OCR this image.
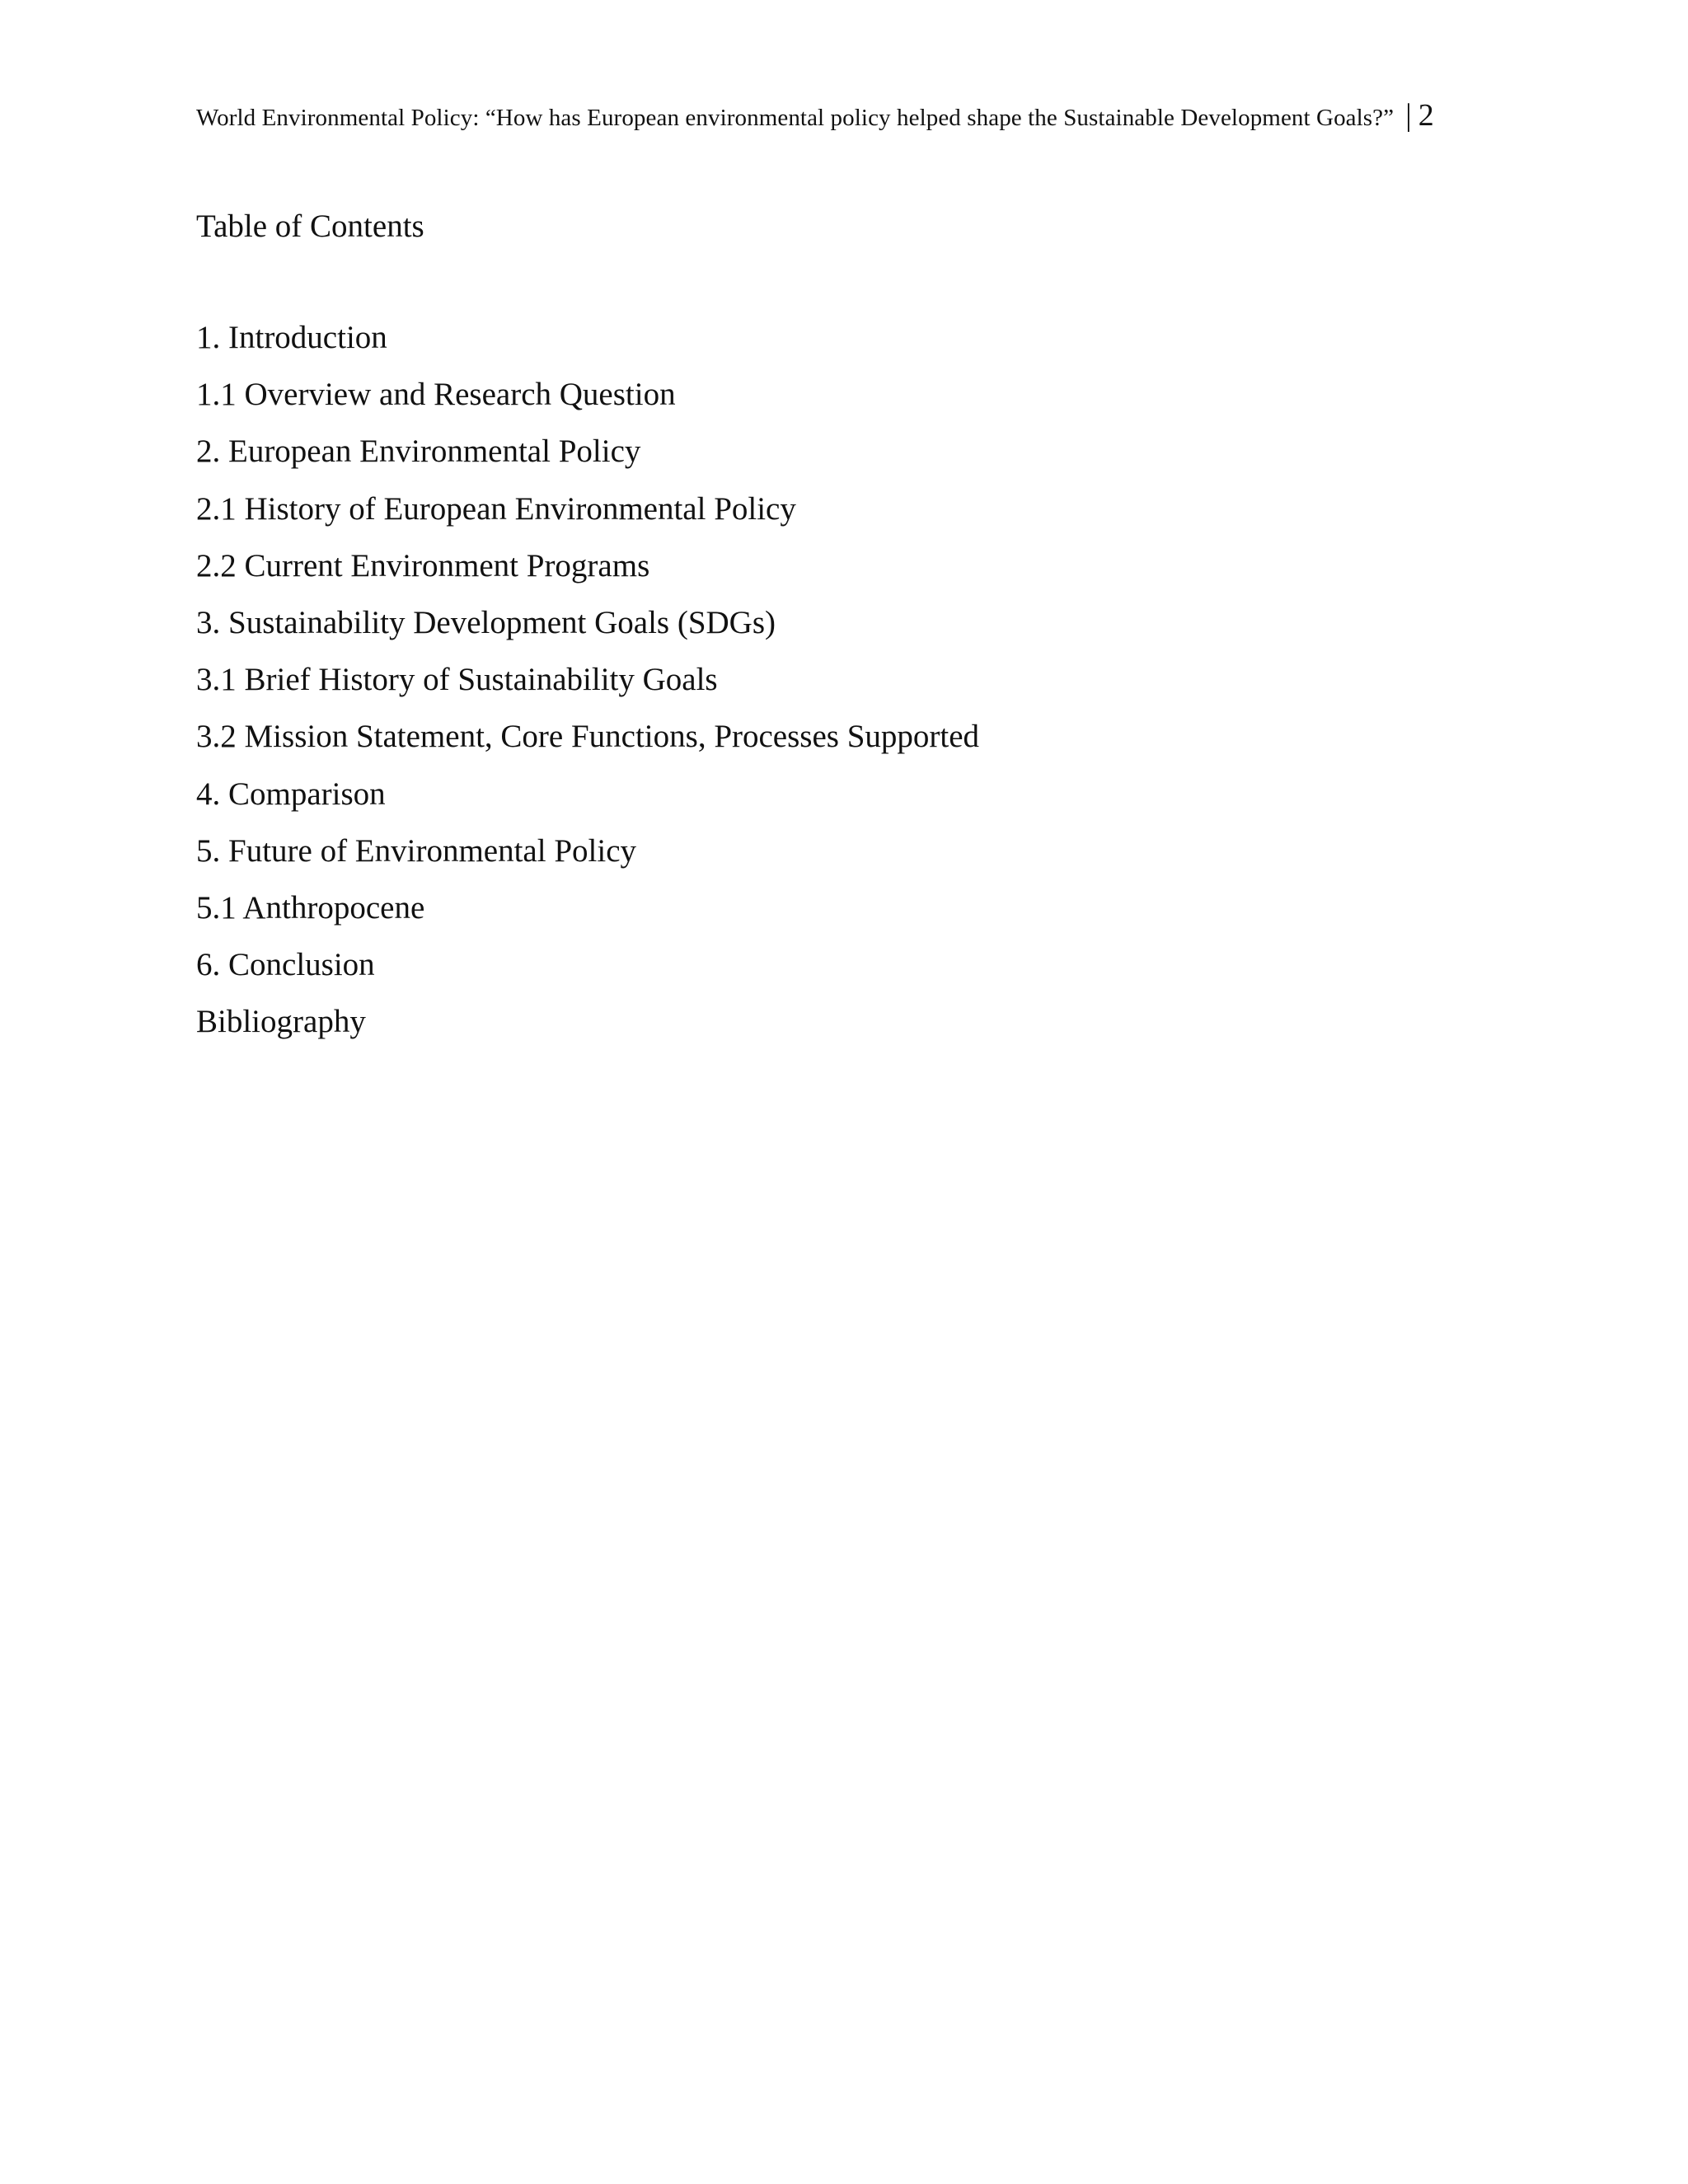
World Environmental Policy: “How has European environmental policy helped shape the Sustainable Development Goals?” | 2
Table of Contents
1. Introduction
1.1 Overview and Research Question
2. European Environmental Policy
2.1 History of European Environmental Policy
2.2 Current Environment Programs
3. Sustainability Development Goals (SDGs)
3.1 Brief History of Sustainability Goals
3.2 Mission Statement, Core Functions, Processes Supported
4. Comparison
5. Future of Environmental Policy
5.1 Anthropocene
6. Conclusion
Bibliography
